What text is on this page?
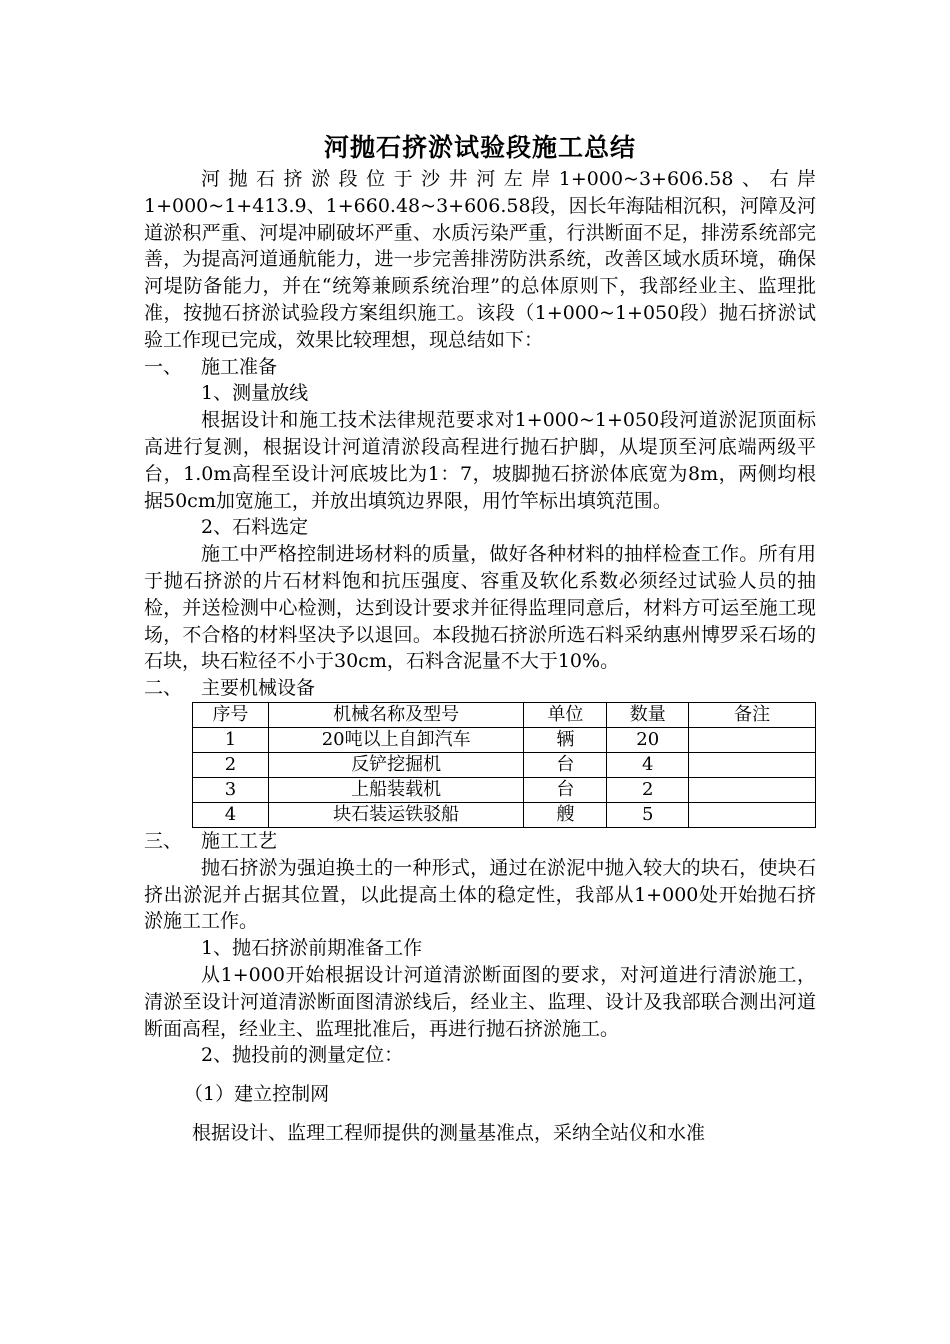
河抛石挤淤试验段施工总结

河抛石挤淤段位于沙井河左岸1+000~3+606.58、右岸1+000~1+413.9、1+660.48~3+606.58段，因长年海陆相沉积，河障及河道淤积严重、河堤冲刷破坏严重、水质污染严重，行洪断面不足，排涝系统部完善，为提高河道通航能力，进一步完善排涝防洪系统，改善区域水质环境，确保河堤防备能力，并在“统筹兼顾系统治理”的总体原则下，我部经业主、监理批准，按抛石挤淤试验段方案组织施工。该段（1+000~1+050段）抛石挤淤试验工作现已完成，效果比较理想，现总结如下：

一、 施工准备

1、测量放线

根据设计和施工技术法律规范要求对1+000~1+050段河道淤泥顶面标高进行复测，根据设计河道清淤段高程进行抛石护脚，从堤顶至河底端两级平台，1.0m高程至设计河底坡比为1：7，坡脚抛石挤淤体底宽为8m，两侧均根据50cm加宽施工，并放出填筑边界限，用竹竿标出填筑范围。

2、石料选定

施工中严格控制进场材料的质量，做好各种材料的抽样检查工作。所有用于抛石挤淤的片石材料饱和抗压强度、容重及软化系数必须经过试验人员的抽检，并送检测中心检测，达到设计要求并征得监理同意后，材料方可运至施工现场，不合格的材料坚决予以退回。本段抛石挤淤所选石料采纳惠州博罗采石场的石块，块石粒径不小于30cm，石料含泥量不大于10%。

二、 主要机械设备
序号	机械名称及型号	单位	数量	备注
1	20吨以上自卸汽车	辆	20	
2	反铲挖掘机	台	4	
3	上船装载机	台	2	
4	块石装运铁驳船	艘	5	
三、 施工工艺

抛石挤淤为强迫换土的一种形式，通过在淤泥中抛入较大的块石，使块石挤出淤泥并占据其位置，以此提高土体的稳定性，我部从1+000处开始抛石挤淤施工工作。

1、抛石挤淤前期准备工作

从1+000开始根据设计河道清淤断面图的要求，对河道进行清淤施工，清淤至设计河道清淤断面图清淤线后，经业主、监理、设计及我部联合测出河道断面高程，经业主、监理批准后，再进行抛石挤淤施工。

2、抛投前的测量定位：

（1）建立控制网

根据设计、监理工程师提供的测量基准点，采纳全站仪和水准
